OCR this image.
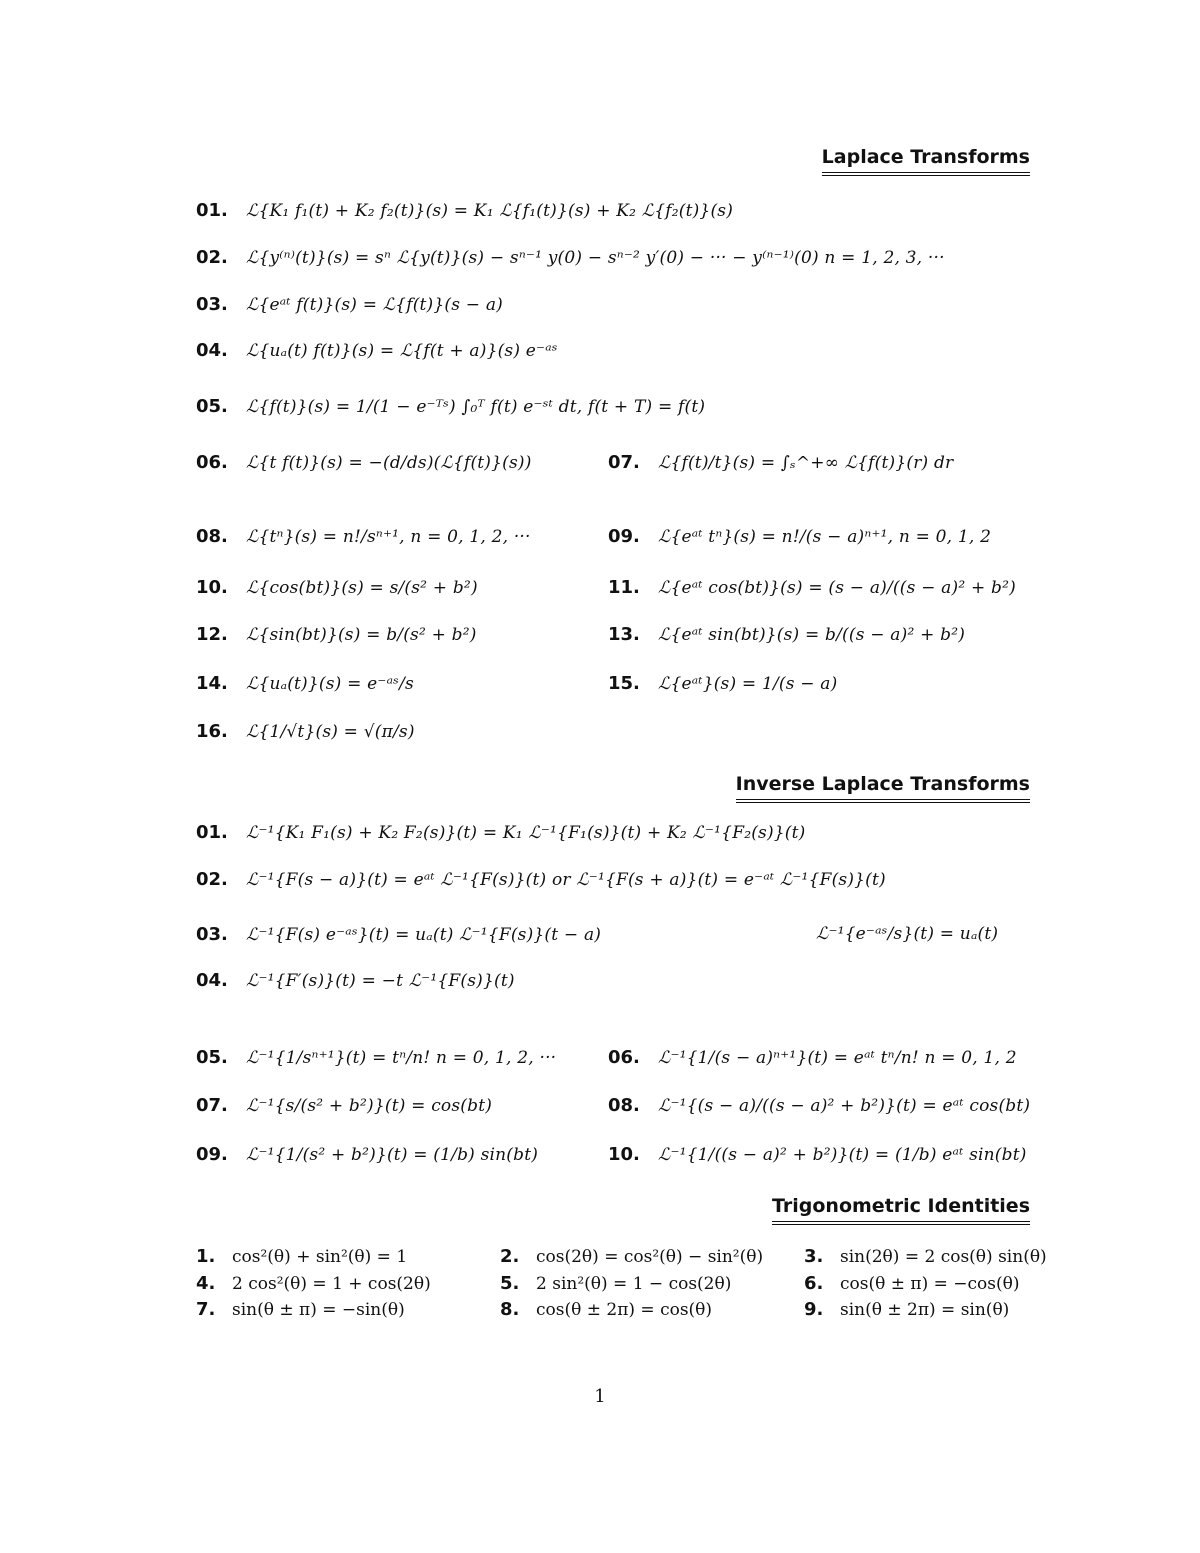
Laplace Transforms
01.	ℒ{K₁ f₁(t) + K₂ f₂(t)}(s) = K₁ ℒ{f₁(t)}(s) + K₂ ℒ{f₂(t)}(s)
02.	ℒ{y⁽ⁿ⁾(t)}(s) = sⁿ ℒ{y(t)}(s) − sⁿ⁻¹ y(0) − sⁿ⁻² y′(0) − ··· − y⁽ⁿ⁻¹⁾(0) n = 1, 2, 3, ···
03.	ℒ{eᵃᵗ f(t)}(s) = ℒ{f(t)}(s − a)
04.	ℒ{uₐ(t) f(t)}(s) = ℒ{f(t + a)}(s) e⁻ᵃˢ
05.	ℒ{f(t)}(s) = 1/(1 − e⁻ᵀˢ) ∫₀ᵀ f(t) e⁻ˢᵗ dt, f(t + T) = f(t)
06.	ℒ{t f(t)}(s) = −(d/ds)(ℒ{f(t)}(s))	07.	ℒ{f(t)/t}(s) = ∫ₛ^+∞ ℒ{f(t)}(r) dr
08.	ℒ{tⁿ}(s) = n!/sⁿ⁺¹, n = 0, 1, 2, ···	09.	ℒ{eᵃᵗ tⁿ}(s) = n!/(s − a)ⁿ⁺¹, n = 0, 1, 2
10.	ℒ{cos(bt)}(s) = s/(s² + b²)	11.	ℒ{eᵃᵗ cos(bt)}(s) = (s − a)/((s − a)² + b²)
12.	ℒ{sin(bt)}(s) = b/(s² + b²)	13.	ℒ{eᵃᵗ sin(bt)}(s) = b/((s − a)² + b²)
14.	ℒ{uₐ(t)}(s) = e⁻ᵃˢ/s	15.	ℒ{eᵃᵗ}(s) = 1/(s − a)
16.	ℒ{1/√t}(s) = √(π/s)
Inverse Laplace Transforms
01.	ℒ⁻¹{K₁ F₁(s) + K₂ F₂(s)}(t) = K₁ ℒ⁻¹{F₁(s)}(t) + K₂ ℒ⁻¹{F₂(s)}(t)
02.	ℒ⁻¹{F(s − a)}(t) = eᵃᵗ ℒ⁻¹{F(s)}(t) or ℒ⁻¹{F(s + a)}(t) = e⁻ᵃᵗ ℒ⁻¹{F(s)}(t)
03.	ℒ⁻¹{F(s) e⁻ᵃˢ}(t) = uₐ(t) ℒ⁻¹{F(s)}(t − a)	ℒ⁻¹{e⁻ᵃˢ/s}(t) = uₐ(t)
04.	ℒ⁻¹{F′(s)}(t) = −t ℒ⁻¹{F(s)}(t)
05.	ℒ⁻¹{1/sⁿ⁺¹}(t) = tⁿ/n! n = 0, 1, 2, ···	06.	ℒ⁻¹{1/(s − a)ⁿ⁺¹}(t) = eᵃᵗ tⁿ/n! n = 0, 1, 2
07.	ℒ⁻¹{s/(s² + b²)}(t) = cos(bt)	08.	ℒ⁻¹{(s − a)/((s − a)² + b²)}(t) = eᵃᵗ cos(bt)
09.	ℒ⁻¹{1/(s² + b²)}(t) = (1/b) sin(bt)	10.	ℒ⁻¹{1/((s − a)² + b²)}(t) = (1/b) eᵃᵗ sin(bt)
Trigonometric Identities
1. cos²(θ) + sin²(θ) = 1	2. cos(2θ) = cos²(θ) − sin²(θ) 3. sin(2θ) = 2 cos(θ) sin(θ)
4. 2 cos²(θ) = 1 + cos(2θ)	5. 2 sin²(θ) = 1 − cos(2θ)	6. cos(θ ± π) = −cos(θ)
7. sin(θ ± π) = −sin(θ)	8. cos(θ ± 2π) = cos(θ)	9. sin(θ ± 2π) = sin(θ)
1
